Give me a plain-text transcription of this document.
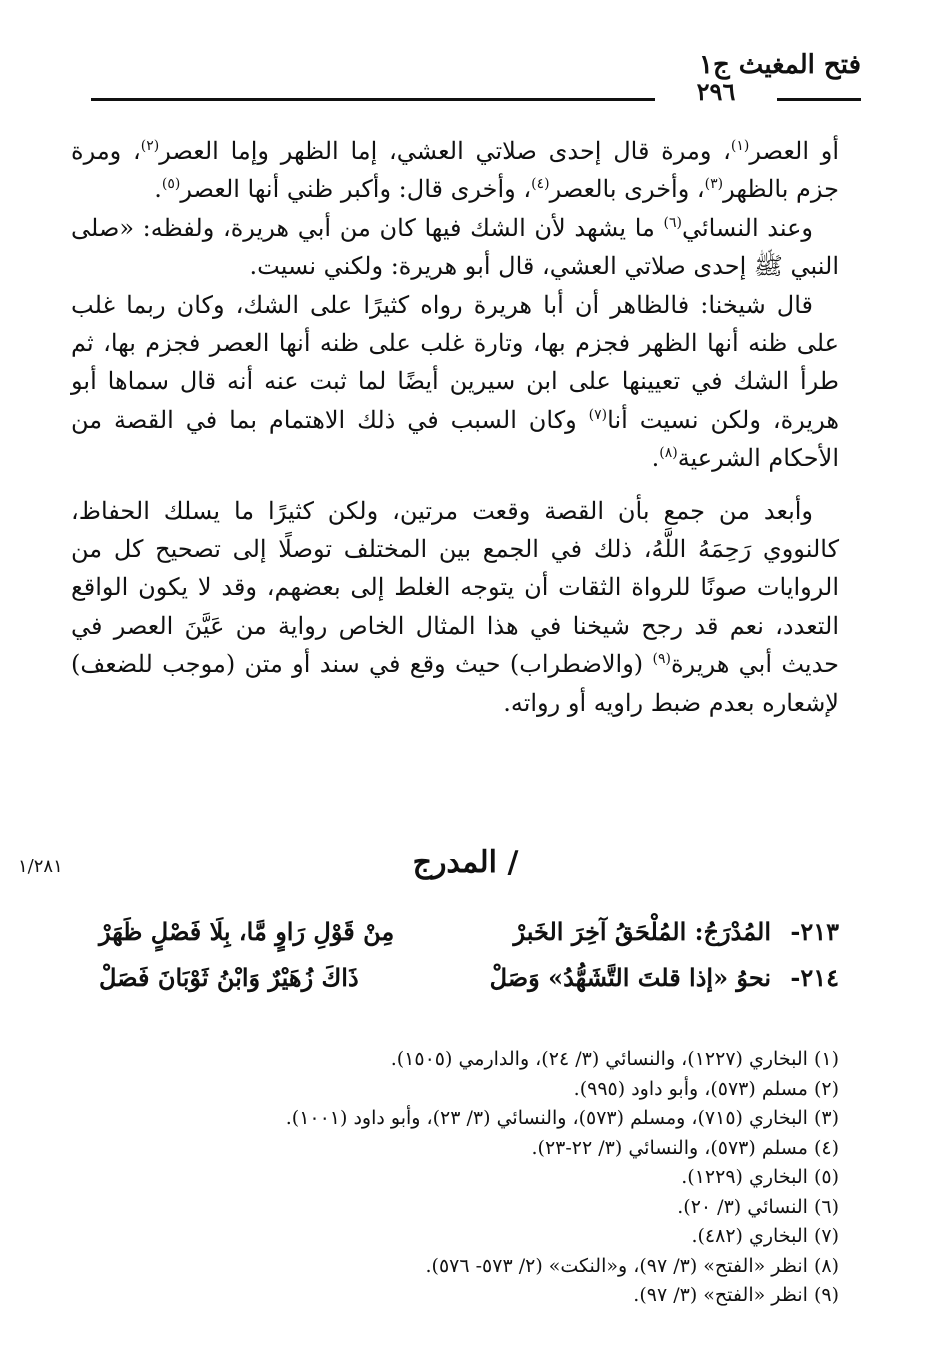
فتح المغيث ج١
٢٩٦

أو العصر$^{(١)}$، ومرة قال إحدى صلاتي العشي، إما الظهر وإما العصر$^{(٢)}$، ومرة جزم بالظهر$^{(٣)}$، وأخرى بالعصر$^{(٤)}$، وأخرى قال: وأكبر ظني أنها العصر$^{(٥)}$.

وعند النسائي$^{(٦)}$ ما يشهد لأن الشك فيها كان من أبي هريرة، ولفظه: «صلى النبي ﷺ إحدى صلاتي العشي، قال أبو هريرة: ولكني نسيت.

قال شيخنا: فالظاهر أن أبا هريرة رواه كثيرًا على الشك، وكان ربما غلب على ظنه أنها الظهر فجزم بها، وتارة غلب على ظنه أنها العصر فجزم بها، ثم طرأ الشك في تعيينها على ابن سيرين أيضًا لما ثبت عنه أنه قال سماها أبو هريرة، ولكن نسيت أنا$^{(٧)}$ وكان السبب في ذلك الاهتمام بما في القصة من الأحكام الشرعية$^{(٨)}$.

وأبعد من جمع بأن القصة وقعت مرتين، ولكن كثيرًا ما يسلك الحفاظ، كالنووي رَحِمَهُ اللَّهُ، ذلك في الجمع بين المختلف توصلًا إلى تصحيح كل من الروايات صونًا للرواة الثقات أن يتوجه الغلط إلى بعضهم، وقد لا يكون الواقع التعدد، نعم قد رجح شيخنا في هذا المثال الخاص رواية من عَيَّنَ العصر في حديث أبي هريرة$^{(٩)}$ (والاضطراب) حيث وقع في سند أو متن (موجب للضعف) لإشعاره بعدم ضبط راويه أو رواته.

/ المدرج
١/٢٨١
٢١٣-
المُدْرَجُ: المُلْحَقُ آخِرَ الخَبرْ
مِنْ قَوْلِ رَاوٍ مَّا، بِلَا فَصْلٍ ظَهَرْ
٢١٤-
نحوُ «إذا قلتَ التَّشَهُّدُ» وَصَلْ
ذَاكَ زُهَيْرٌ وَابْنُ ثَوْبَانَ فَصَلْ
(١) البخاري (١٢٢٧)، والنسائي (٣/ ٢٤)، والدارمي (١٥٠٥).
(٢) مسلم (٥٧٣)، وأبو داود (٩٩٥).
(٣) البخاري (٧١٥)، ومسلم (٥٧٣)، والنسائي (٣/ ٢٣)، وأبو داود (١٠٠١).
(٤) مسلم (٥٧٣)، والنسائي (٣/ ٢٢-٢٣).
(٥) البخاري (١٢٢٩).
(٦) النسائي (٣/ ٢٠).
(٧) البخاري (٤٨٢).
(٨) انظر «الفتح» (٣/ ٩٧)، و«النكت» (٢/ ٥٧٣- ٥٧٦).
(٩) انظر «الفتح» (٣/ ٩٧).
